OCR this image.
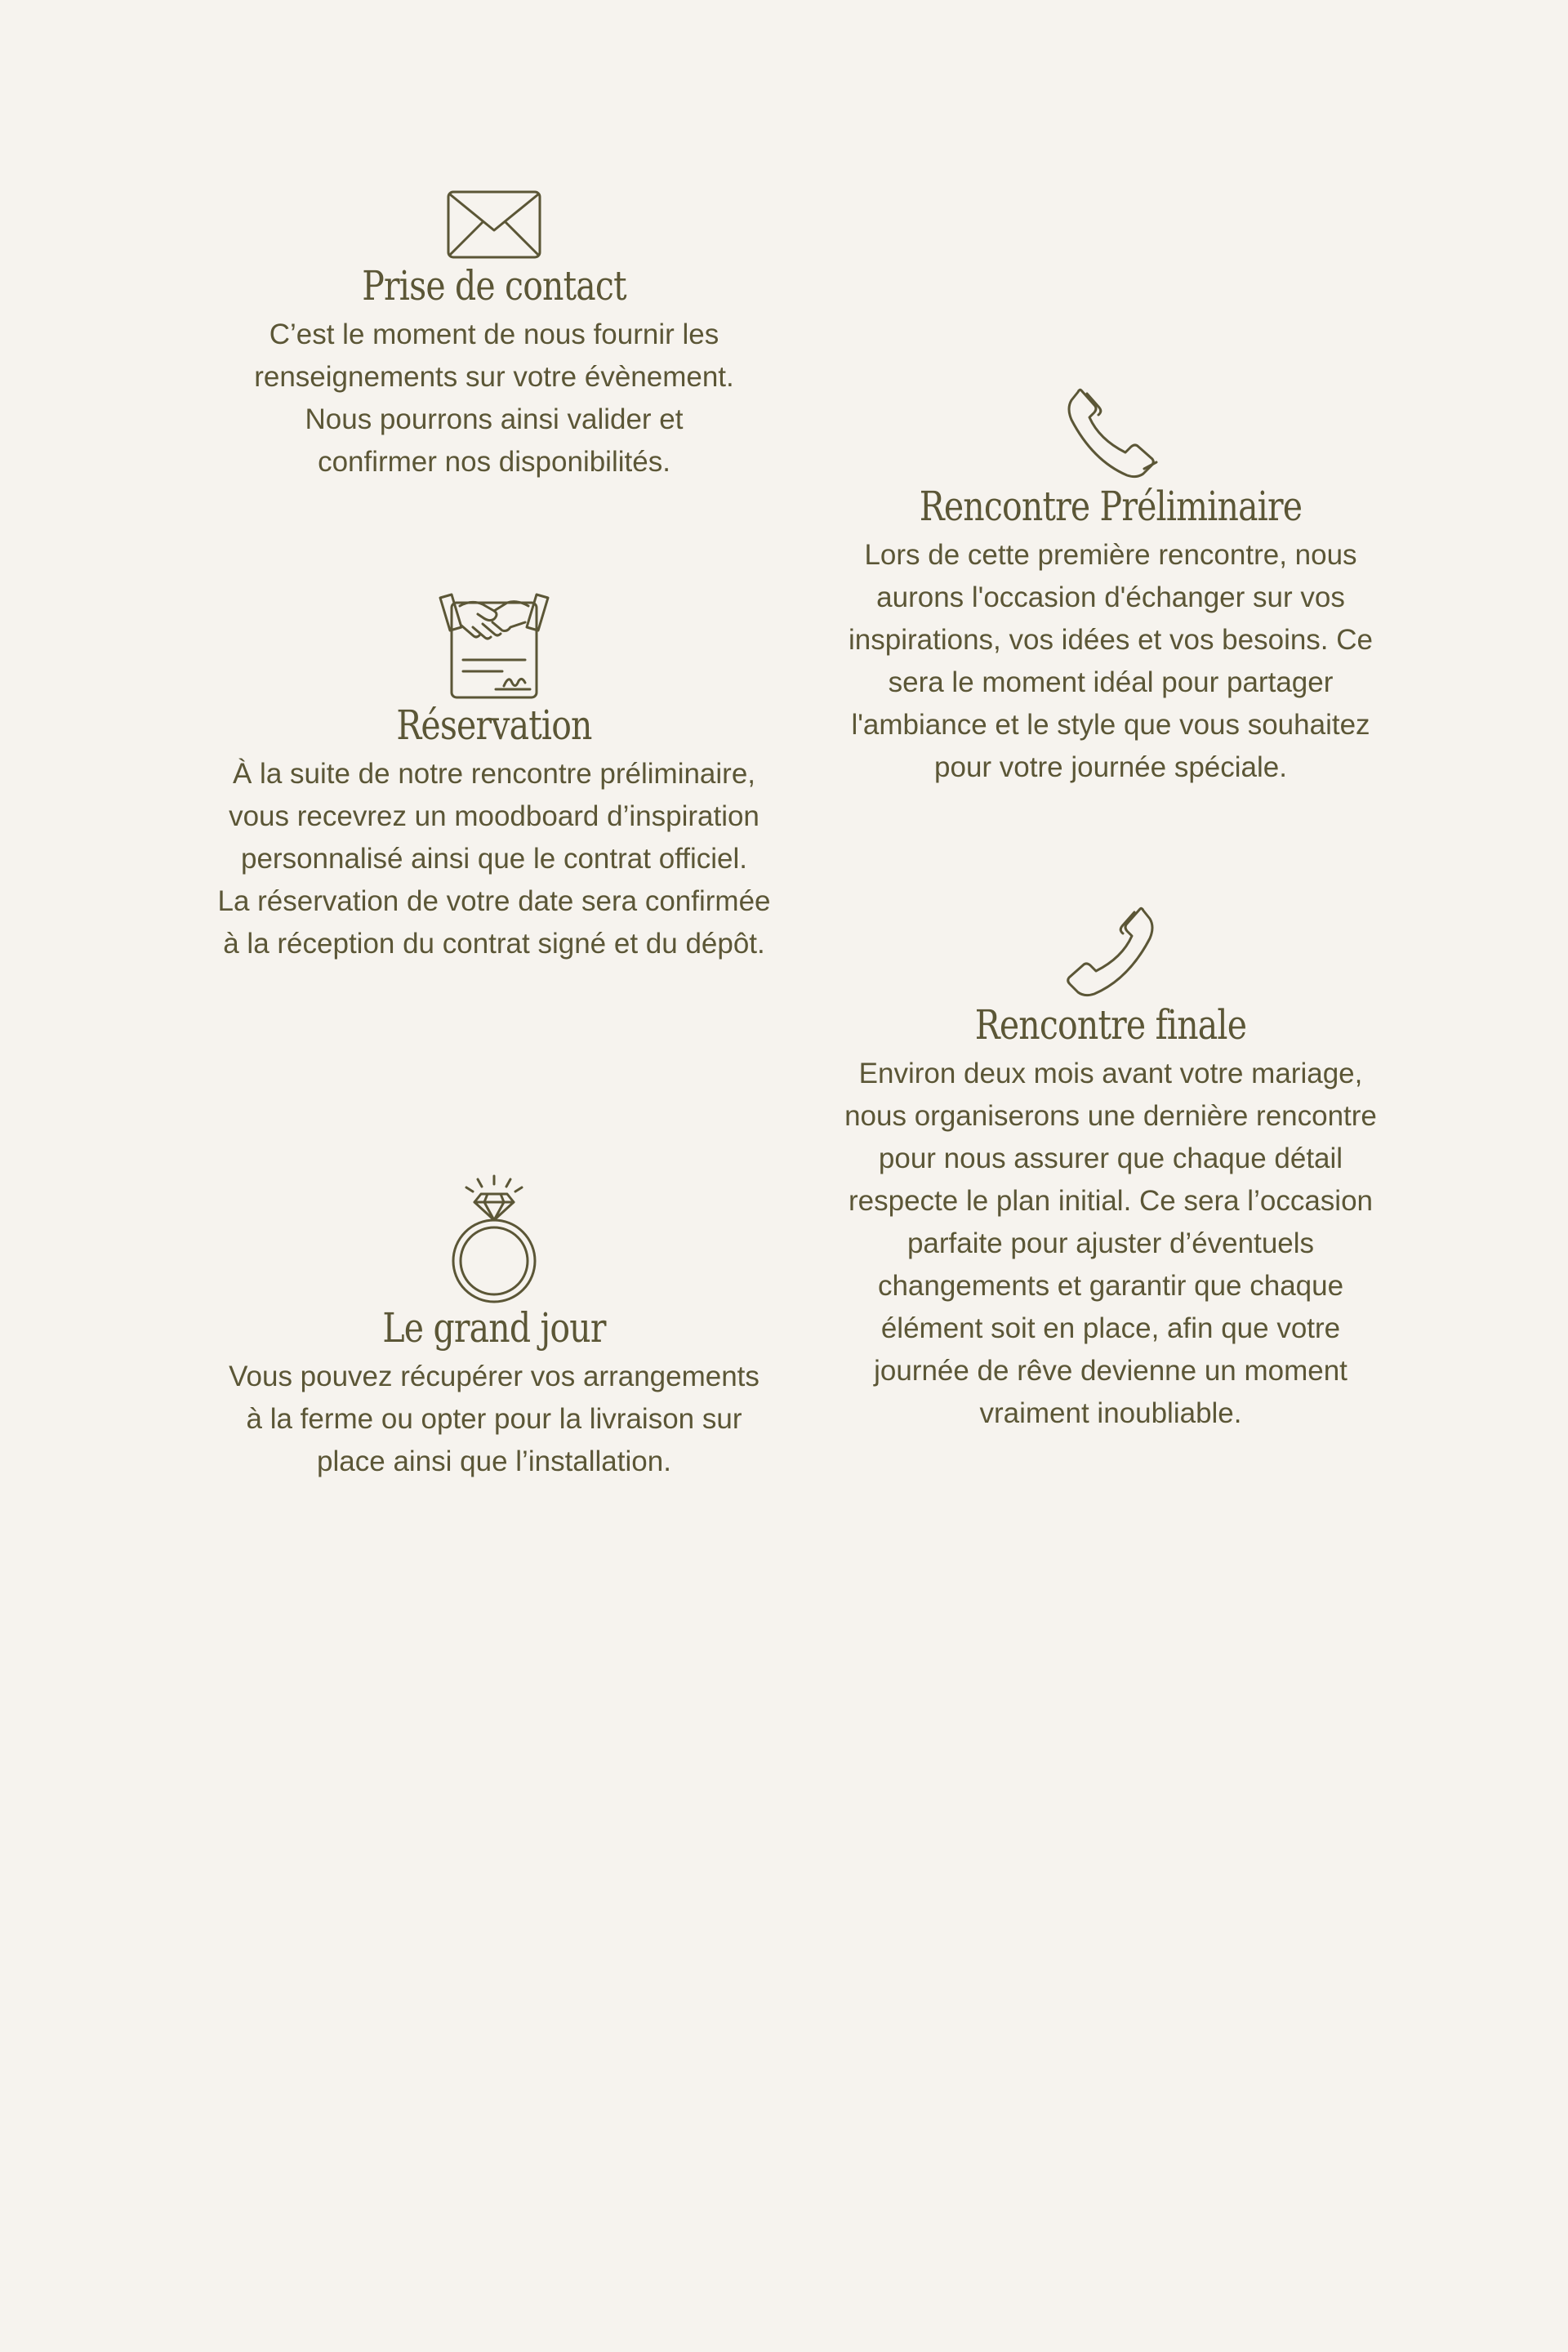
Prise de contact

C’est le moment de nous fournir les
renseignements sur votre évènement.
Nous pourrons ainsi valider et
confirmer nos disponibilités.

Rencontre Préliminaire

Lors de cette première rencontre, nous
aurons l'occasion d'échanger sur vos
inspirations, vos idées et vos besoins. Ce
sera le moment idéal pour partager
l'ambiance et le style que vous souhaitez
pour votre journée spéciale.

Réservation

À la suite de notre rencontre préliminaire,
vous recevrez un moodboard d’inspiration
personnalisé ainsi que le contrat officiel.
La réservation de votre date sera confirmée
à la réception du contrat signé et du dépôt.

Rencontre finale

Environ deux mois avant votre mariage,
nous organiserons une dernière rencontre
pour nous assurer que chaque détail
respecte le plan initial. Ce sera l’occasion
parfaite pour ajuster d’éventuels
changements et garantir que chaque
élément soit en place, afin que votre
journée de rêve devienne un moment
vraiment inoubliable.

Le grand jour

Vous pouvez récupérer vos arrangements
à la ferme ou opter pour la livraison sur
place ainsi que l’installation.
